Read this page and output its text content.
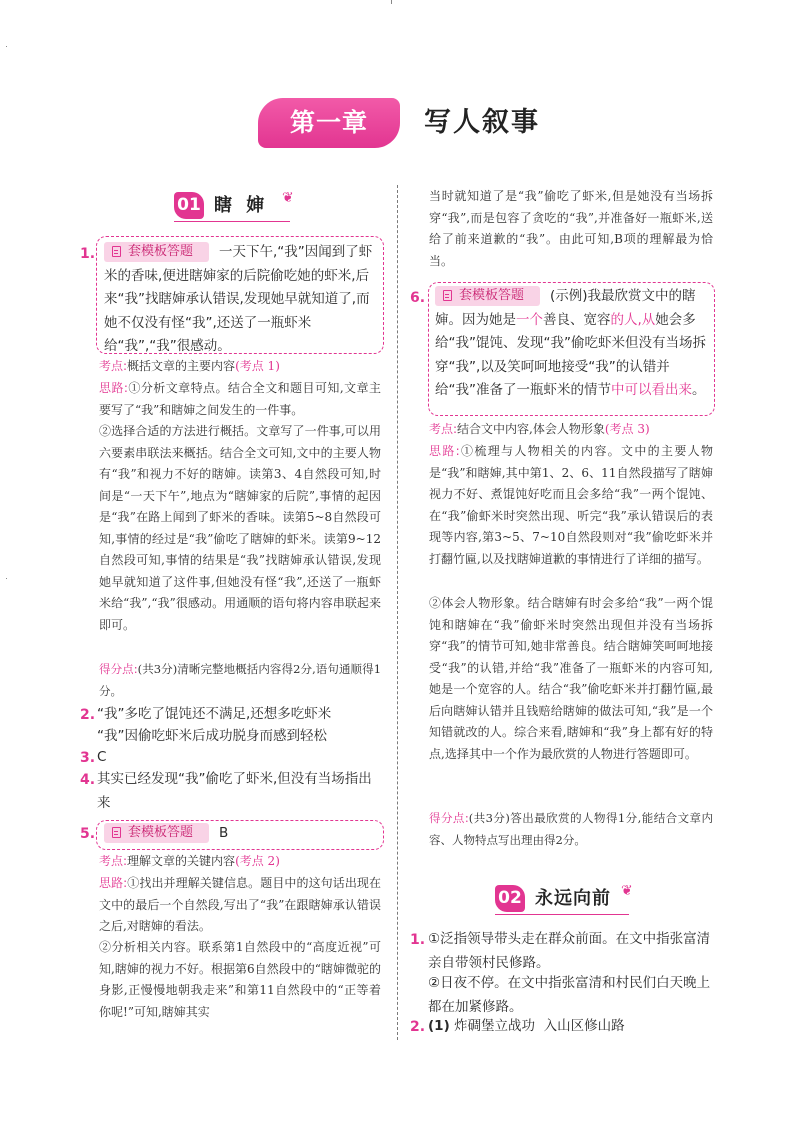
第一章	写人叙事
01 瞎 婶 ❦
1.	套模板答题 一天下午,“我”因闻到了虾米的香味,便进瞎婶家的后院偷吃她的虾米,后来“我”找瞎婶承认错误,发现她早就知道了,而她不仅没有怪“我”,还送了一瓶虾米给“我”,“我”很感动。
考点:概括文章的主要内容(考点 1)
思路:①分析文章特点。结合全文和题目可知,文章主要写了“我”和瞎婶之间发生的一件事。
②选择合适的方法进行概括。文章写了一件事,可以用六要素串联法来概括。结合全文可知,文中的主要人物有“我”和视力不好的瞎婶。读第3、4自然段可知,时间是“一天下午”,地点为“瞎婶家的后院”,事情的起因是“我”在路上闻到了虾米的香味。读第5~8自然段可知,事情的经过是“我”偷吃了瞎婶的虾米。读第9~12自然段可知,事情的结果是“我”找瞎婶承认错误,发现她早就知道了这件事,但她没有怪“我”,还送了一瓶虾米给“我”,“我”很感动。用通顺的语句将内容串联起来即可。
得分点:(共3分)清晰完整地概括内容得2分,语句通顺得1分。
2. “我”多吃了馄饨还不满足,还想多吃虾米
“我”因偷吃虾米后成功脱身而感到轻松
3. C
4. 其实已经发现“我”偷吃了虾米,但没有当场指出来
5.	套模板答题 B
考点:理解文章的关键内容(考点 2)
思路:①找出并理解关键信息。题目中的这句话出现在文中的最后一个自然段,写出了“我”在跟瞎婶承认错误之后,对瞎婶的看法。
②分析相关内容。联系第1自然段中的“高度近视”可知,瞎婶的视力不好。根据第6自然段中的“瞎婶微驼的身影,正慢慢地朝我走来”和第11自然段中的“正等着你呢!”可知,瞎婶其实
当时就知道了是“我”偷吃了虾米,但是她没有当场拆穿“我”,而是包容了贪吃的“我”,并准备好一瓶虾米,送给了前来道歉的“我”。由此可知,B项的理解最为恰当。
6.	套模板答题 (示例)我最欣赏文中的瞎婶。因为她是一个善良、宽容的人,从她会多给“我”馄饨、发现“我”偷吃虾米但没有当场拆穿“我”,以及笑呵呵地接受“我”的认错并给“我”准备了一瓶虾米的情节中可以看出来。
考点:结合文中内容,体会人物形象(考点 3)
思路:①梳理与人物相关的内容。文中的主要人物是“我”和瞎婶,其中第1、2、6、11自然段描写了瞎婶视力不好、煮馄饨好吃而且会多给“我”一两个馄饨、在“我”偷虾米时突然出现、听完“我”承认错误后的表现等内容,第3~5、7~10自然段则对“我”偷吃虾米并打翻竹匾,以及找瞎婶道歉的事情进行了详细的描写。
②体会人物形象。结合瞎婶有时会多给“我”一两个馄饨和瞎婶在“我”偷虾米时突然出现但并没有当场拆穿“我”的情节可知,她非常善良。结合瞎婶笑呵呵地接受“我”的认错,并给“我”准备了一瓶虾米的内容可知,她是一个宽容的人。结合“我”偷吃虾米并打翻竹匾,最后向瞎婶认错并且钱赔给瞎婶的做法可知,“我”是一个知错就改的人。综合来看,瞎婶和“我”身上都有好的特点,选择其中一个作为最欣赏的人物进行答题即可。
得分点:(共3分)答出最欣赏的人物得1分,能结合文章内容、人物特点写出理由得2分。
02 永远向前 ❦
1. ①泛指领导带头走在群众前面。在文中指张富清亲自带领村民修路。
②日夜不停。在文中指张富清和村民们白天晚上都在加紧修路。
2. (1) 炸碉堡立战功  入山区修山路
